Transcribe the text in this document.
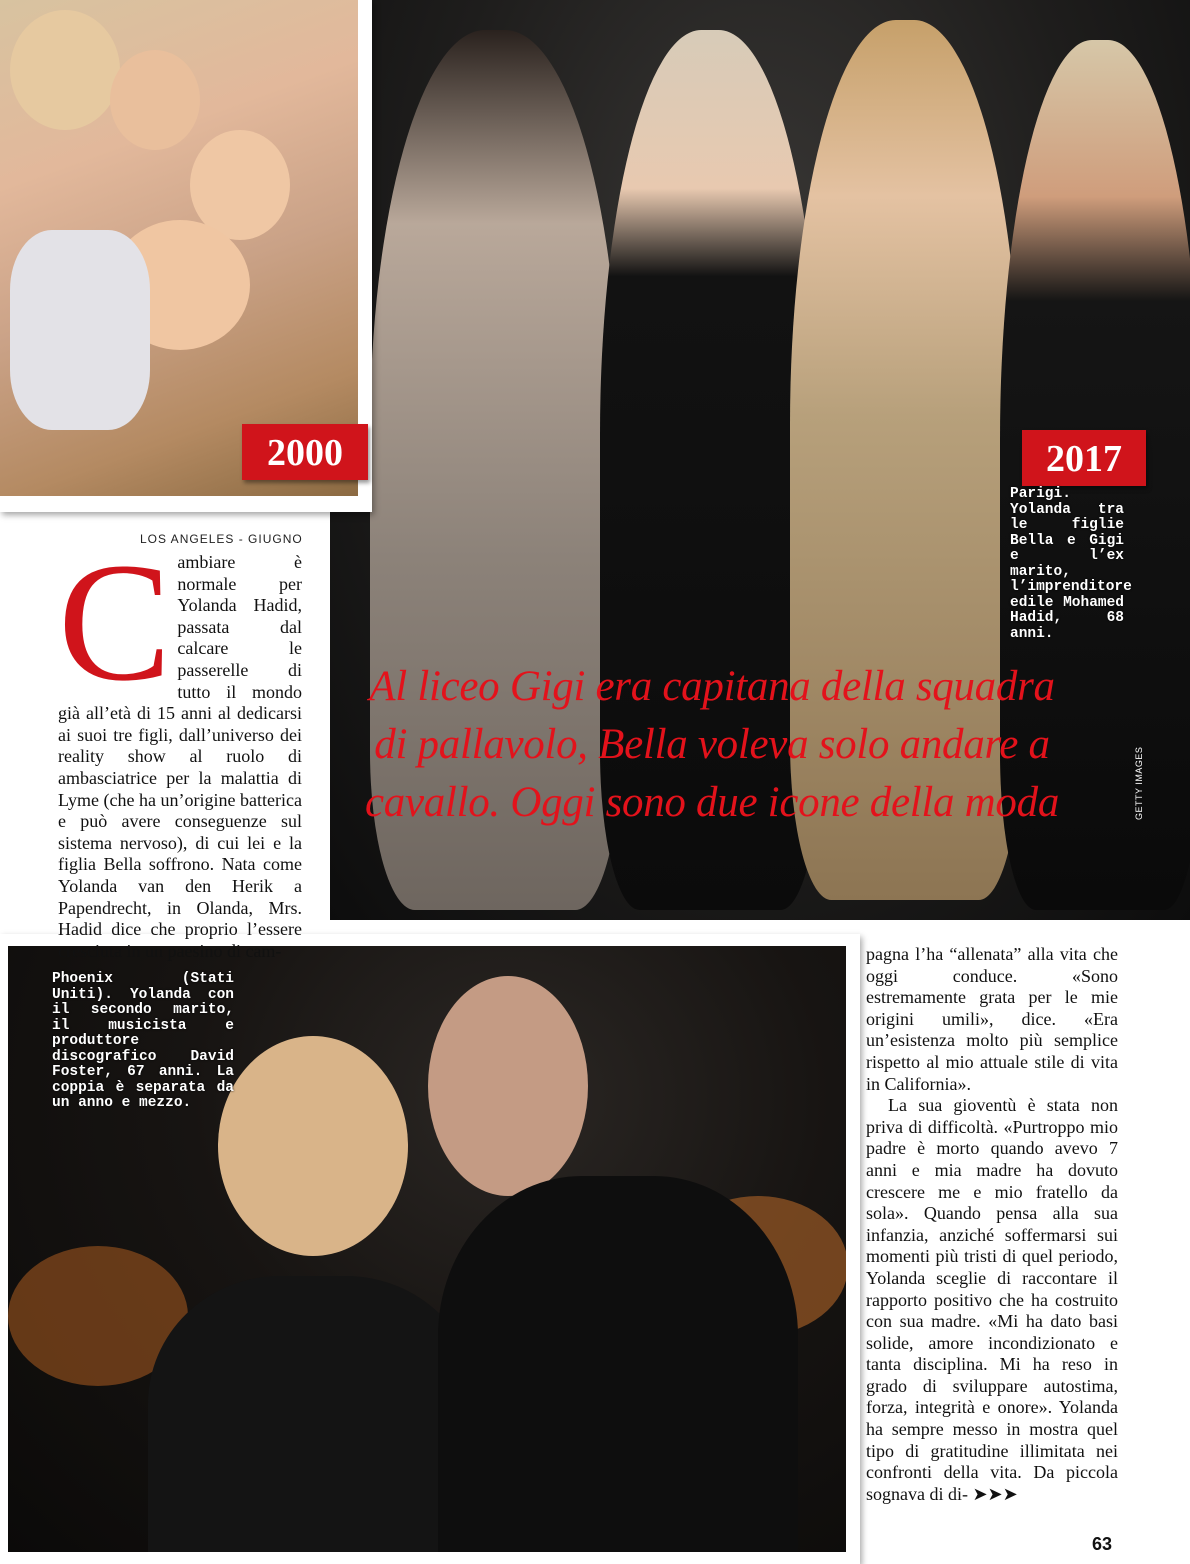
2000	2017
Parigi. Yolanda tra le figlie Bella e Gigi e l’ex marito, l’imprenditore edile Mohamed Hadid, 68 anni.
Phoenix (Stati Uniti). Yolanda con il secondo marito, il musicista e produttore discografico David Foster, 67 anni. La coppia è separata da un anno e mezzo.
Al liceo Gigi era capitana della squadra di pallavolo, Bella voleva solo andare a cavallo. Oggi sono due icone della moda	GETTY IMAGES
LOS ANGELES - GIUGNO
C ambiare è normale per Yolanda Hadid, passata dal calcare le passerelle di tutto il mondo già all’età di 15 anni al dedicarsi ai suoi tre figli, dall’universo dei reality show al ruolo di ambasciatrice per la malattia di Lyme (che ha un’origine batterica e può avere conseguenze sul sistema nervoso), di cui lei e la figlia Bella soffrono. Nata come Yolanda van den Herik a Papendrecht, in Olanda, Mrs. Hadid dice che proprio l’essere cresciuta in un paesino di cam-	pagna l’ha “allenata” alla vita che oggi conduce. «Sono estremamente grata per le mie origini umili», dice. «Era un’esistenza molto più semplice rispetto al mio attuale stile di vita in California».

La sua gioventù è stata non priva di difficoltà. «Purtroppo mio padre è morto quando avevo 7 anni e mia madre ha dovuto crescere me e mio fratello da sola». Quando pensa alla sua infanzia, anziché soffermarsi sui momenti più tristi di quel periodo, Yolanda sceglie di raccontare il rapporto positivo che ha costruito con sua madre. «Mi ha dato basi solide, amore incondizionato e tanta disciplina. Mi ha reso in grado di sviluppare autostima, forza, integrità e onore». Yolanda ha sempre messo in mostra quel tipo di gratitudine illimitata nei confronti della vita. Da piccola sognava di di- ➤➤➤

63
